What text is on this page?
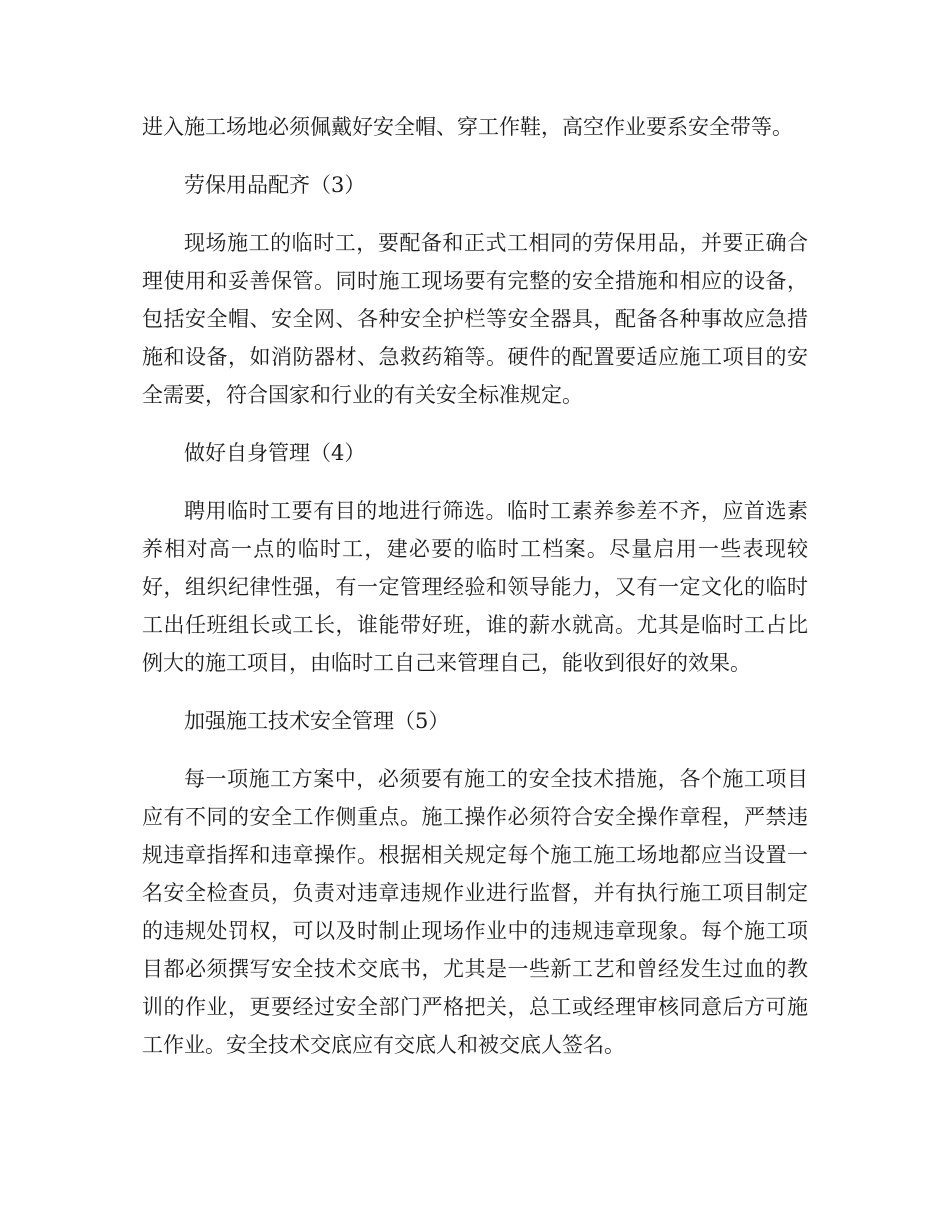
进入施工场地必须佩戴好安全帽、穿工作鞋，高空作业要系安全带等。

劳保用品配齐（3）

现场施工的临时工，要配备和正式工相同的劳保用品，并要正确合理使用和妥善保管。同时施工现场要有完整的安全措施和相应的设备，包括安全帽、安全网、各种安全护栏等安全器具，配备各种事故应急措施和设备，如消防器材、急救药箱等。硬件的配置要适应施工项目的安全需要，符合国家和行业的有关安全标准规定。

做好自身管理（4）

聘用临时工要有目的地进行筛选。临时工素养参差不齐，应首选素养相对高一点的临时工，建必要的临时工档案。尽量启用一些表现较好，组织纪律性强，有一定管理经验和领导能力，又有一定文化的临时工出任班组长或工长，谁能带好班，谁的薪水就高。尤其是临时工占比例大的施工项目，由临时工自己来管理自己，能收到很好的效果。

加强施工技术安全管理（5）

每一项施工方案中，必须要有施工的安全技术措施，各个施工项目应有不同的安全工作侧重点。施工操作必须符合安全操作章程，严禁违规违章指挥和违章操作。根据相关规定每个施工施工场地都应当设置一名安全检查员，负责对违章违规作业进行监督，并有执行施工项目制定的违规处罚权，可以及时制止现场作业中的违规违章现象。每个施工项目都必须撰写安全技术交底书，尤其是一些新工艺和曾经发生过血的教训的作业，更要经过安全部门严格把关，总工或经理审核同意后方可施工作业。安全技术交底应有交底人和被交底人签名。
